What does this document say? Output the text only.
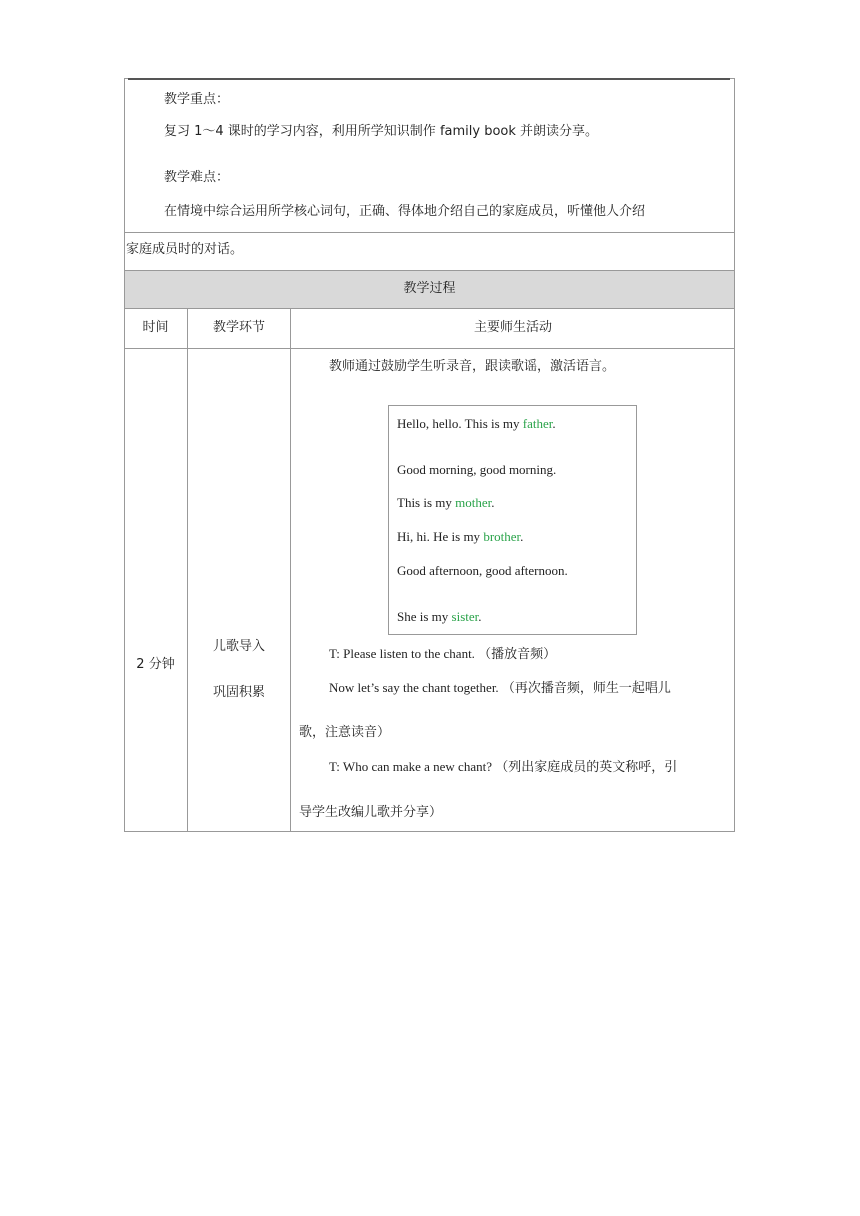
教学重点：
复习 1～4 课时的学习内容，利用所学知识制作 family book 并朗读分享。
教学难点：
在情境中综合运用所学核心词句，正确、得体地介绍自己的家庭成员，听懂他人介绍
家庭成员时的对话。
教学过程
时间	教学环节	主要师生活动
2 分钟
儿歌导入
巩固积累
教师通过鼓励学生听录音，跟读歌谣，激活语言。
Hello, hello. This is my father.
Good morning, good morning.
This is my mother.
Hi, hi. He is my brother.
Good afternoon, good afternoon.
She is my sister.
T: Please listen to the chant. （播放音频）
Now let’s say the chant together. （再次播音频，师生一起唱儿
歌，注意读音）
T: Who can make a new chant? （列出家庭成员的英文称呼，引
导学生改编儿歌并分享）
